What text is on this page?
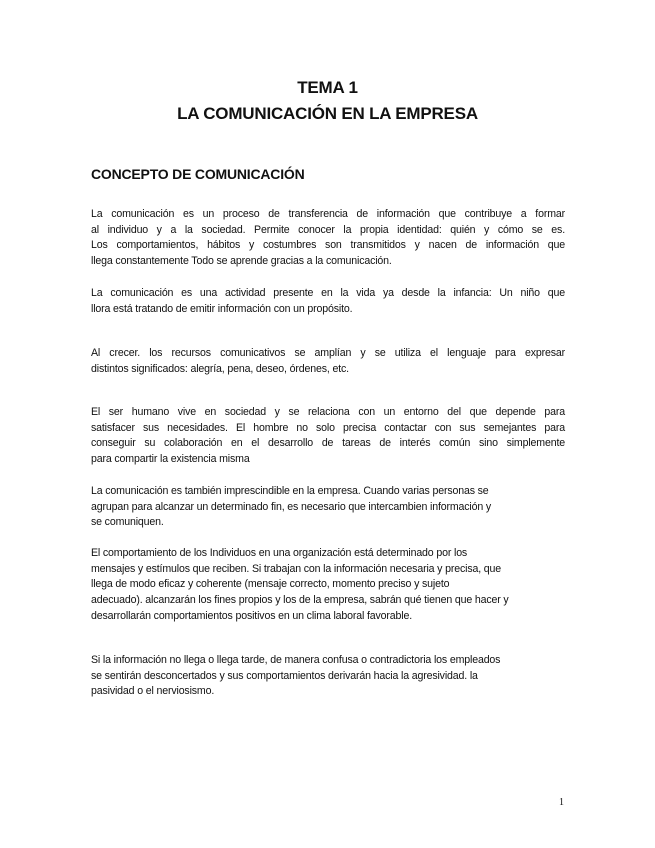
TEMA 1
LA COMUNICACIÓN EN LA EMPRESA
CONCEPTO DE COMUNICACIÓN
La comunicación es un proceso de transferencia de información que contribuye a formar
al individuo y a la sociedad. Permite conocer la propia identidad: quién y cómo se es.
Los comportamientos, hábitos y costumbres son transmitidos y nacen de información que
llega constantemente Todo se aprende gracias a la comunicación.
La comunicación es una actividad presente en la vida ya desde la infancia: Un niño que
llora está tratando de emitir información con un propósito.
Al crecer. los recursos comunicativos se amplían y se utiliza el lenguaje para expresar
distintos significados: alegría, pena, deseo, órdenes, etc.
El ser humano vive en sociedad y se relaciona con un entorno del que depende para
satisfacer sus necesidades. El hombre no solo precisa contactar con sus semejantes para
conseguir su colaboración en el desarrollo de tareas de interés común sino simplemente
para compartir la existencia misma
La comunicación es también imprescindible en la empresa. Cuando varias personas se
agrupan para alcanzar un determinado fin, es necesario que intercambien información y
se comuniquen.
El comportamiento de los Individuos en una organización está determinado por los
mensajes y estímulos que reciben. Si trabajan con la información necesaria y precisa, que
llega de modo eficaz y coherente (mensaje correcto, momento preciso y sujeto
adecuado). alcanzarán los fines propios y los de la empresa, sabrán qué tienen que hacer y
desarrollarán comportamientos positivos en un clima laboral favorable.
Si la información no llega o llega tarde, de manera confusa o contradictoria los empleados
se sentirán desconcertados y sus comportamientos derivarán hacia la agresividad. la
pasividad o el nerviosismo.
1
